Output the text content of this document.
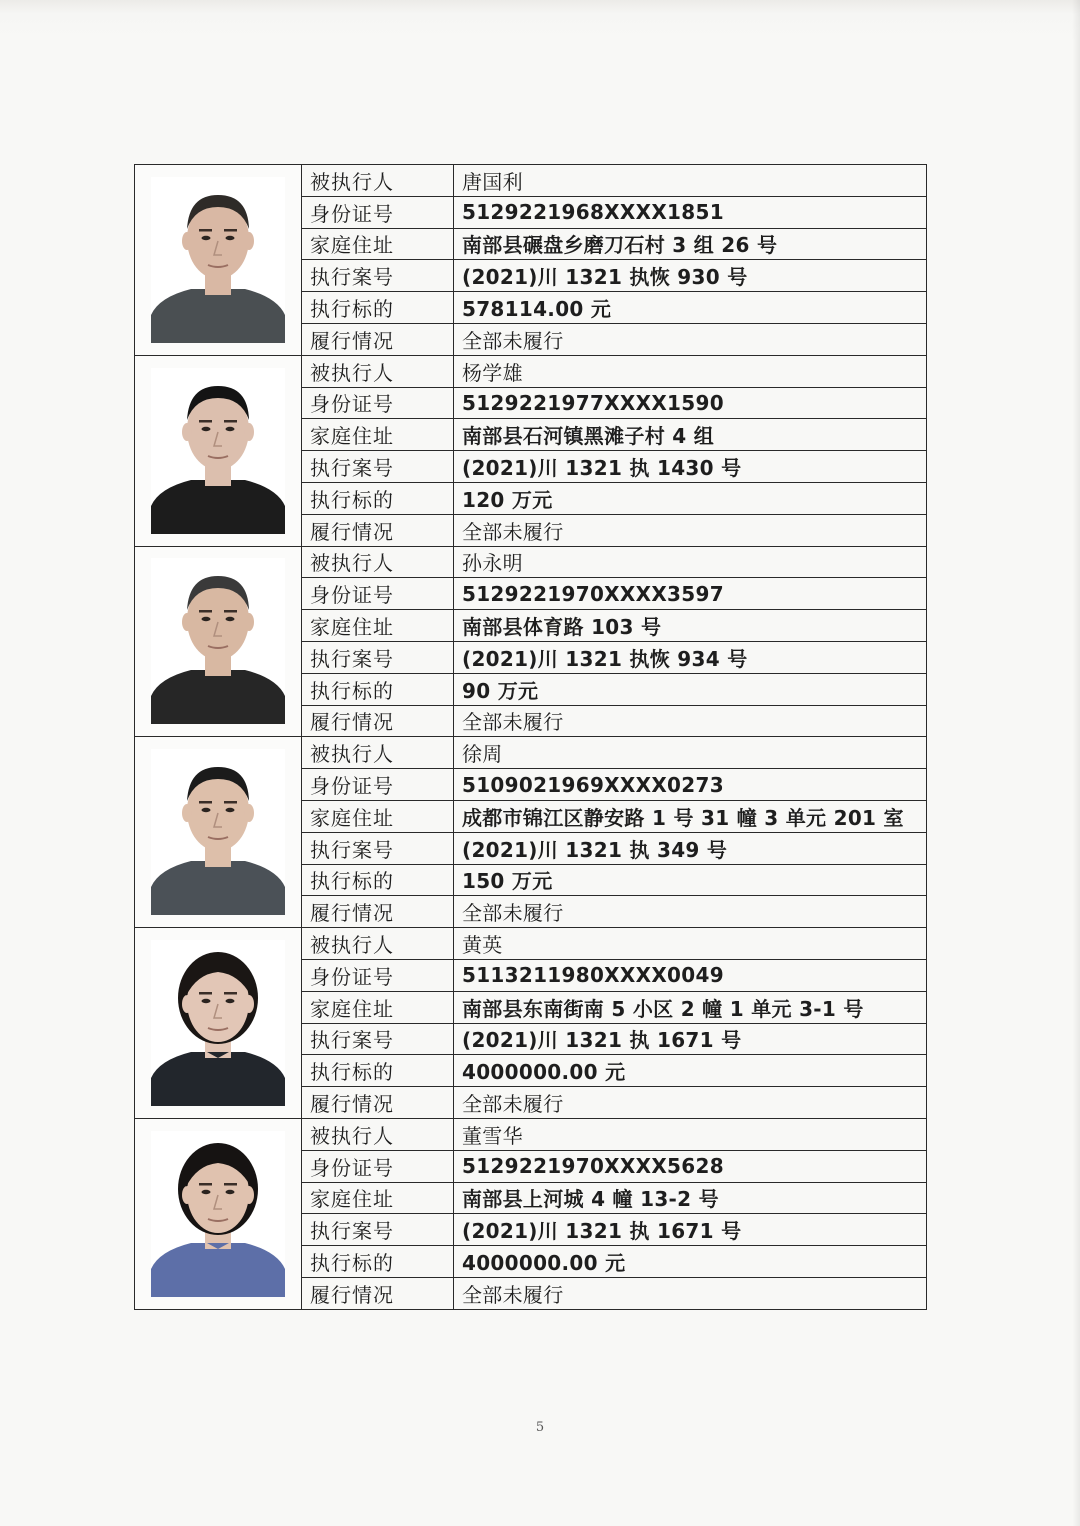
	被执行人	唐国利
	身份证号	5129221968XXXX1851
	家庭住址	南部县碾盘乡磨刀石村 3 组 26 号
	执行案号	(2021)川 1321 执恢 930 号
	执行标的	578114.00 元
	履行情况	全部未履行

	被执行人	杨学雄
	身份证号	5129221977XXXX1590
	家庭住址	南部县石河镇黑滩子村 4 组
	执行案号	(2021)川 1321 执 1430 号
	执行标的	120 万元
	履行情况	全部未履行

	被执行人	孙永明
	身份证号	5129221970XXXX3597
	家庭住址	南部县体育路 103 号
	执行案号	(2021)川 1321 执恢 934 号
	执行标的	90 万元
	履行情况	全部未履行

	被执行人	徐周
	身份证号	5109021969XXXX0273
	家庭住址	成都市锦江区静安路 1 号 31 幢 3 单元 201 室
	执行案号	(2021)川 1321 执 349 号
	执行标的	150 万元
	履行情况	全部未履行

	被执行人	黄英
	身份证号	5113211980XXXX0049
	家庭住址	南部县东南街南 5 小区 2 幢 1 单元 3-1 号
	执行案号	(2021)川 1321 执 1671 号
	执行标的	4000000.00 元
	履行情况	全部未履行

	被执行人	董雪华
	身份证号	5129221970XXXX5628
	家庭住址	南部县上河城 4 幢 13-2 号
	执行案号	(2021)川 1321 执 1671 号
	执行标的	4000000.00 元
	履行情况	全部未履行
5
